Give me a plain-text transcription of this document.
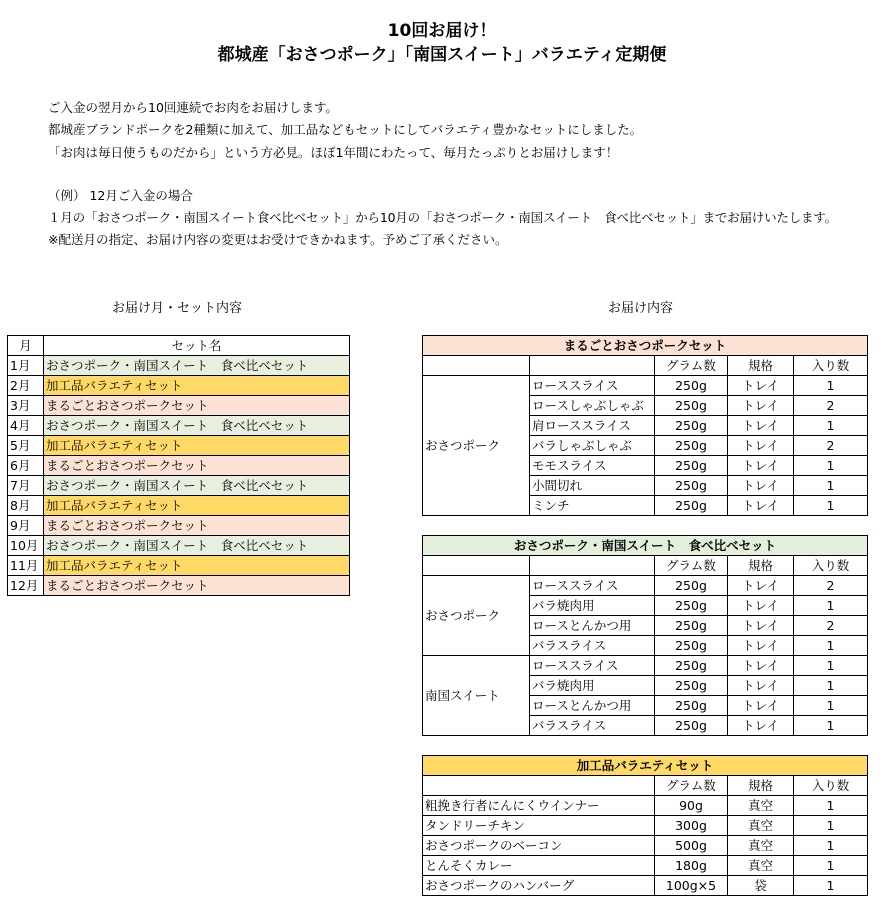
10回お届け！
都城産「おさつポーク」「南国スイート」バラエティ定期便
ご入金の翌月から10回連続でお肉をお届けします。
都城産ブランドポークを2種類に加えて、加工品などもセットにしてバラエティ豊かなセットにしました。
「お肉は毎日使うものだから」という方必見。ほぼ1年間にわたって、毎月たっぷりとお届けします！
（例） 12月ご入金の場合
１月の「おさつポーク・南国スイート食べ比べセット」から10月の「おさつポーク・南国スイート　食べ比べセット」までお届けいたします。
※配送月の指定、お届け内容の変更はお受けできかねます。予めご了承ください。
お届け月・セット内容	お届け内容
月	セット名
1月	おさつポーク・南国スイート　食べ比べセット
2月	加工品バラエティセット
3月	まるごとおさつポークセット
4月	おさつポーク・南国スイート　食べ比べセット
5月	加工品バラエティセット
6月	まるごとおさつポークセット
7月	おさつポーク・南国スイート　食べ比べセット
8月	加工品バラエティセット
9月	まるごとおさつポークセット
10月	おさつポーク・南国スイート　食べ比べセット
11月	加工品バラエティセット
12月	まるごとおさつポークセット
まるごとおさつポークセット				
		グラム数	規格	入り数
おさつポーク	ローススライス	250g	トレイ	1
	ロースしゃぶしゃぶ	250g	トレイ	2
	肩ローススライス	250g	トレイ	1
	バラしゃぶしゃぶ	250g	トレイ	2
	モモスライス	250g	トレイ	1
	小間切れ	250g	トレイ	1
	ミンチ	250g	トレイ	1
おさつポーク・南国スイート　食べ比べセット				
		グラム数	規格	入り数
おさつポーク	ローススライス	250g	トレイ	2
	バラ焼肉用	250g	トレイ	1
	ロースとんかつ用	250g	トレイ	2
	バラスライス	250g	トレイ	1
南国スイート	ローススライス	250g	トレイ	1
	バラ焼肉用	250g	トレイ	1
	ロースとんかつ用	250g	トレイ	1
	バラスライス	250g	トレイ	1
加工品バラエティセット			
	グラム数	規格	入り数
粗挽き行者にんにくウインナー	90g	真空	1
タンドリーチキン	300g	真空	1
おさつポークのベーコン	500g	真空	1
とんそくカレー	180g	真空	1
おさつポークのハンバーグ	100g×5	袋	1
